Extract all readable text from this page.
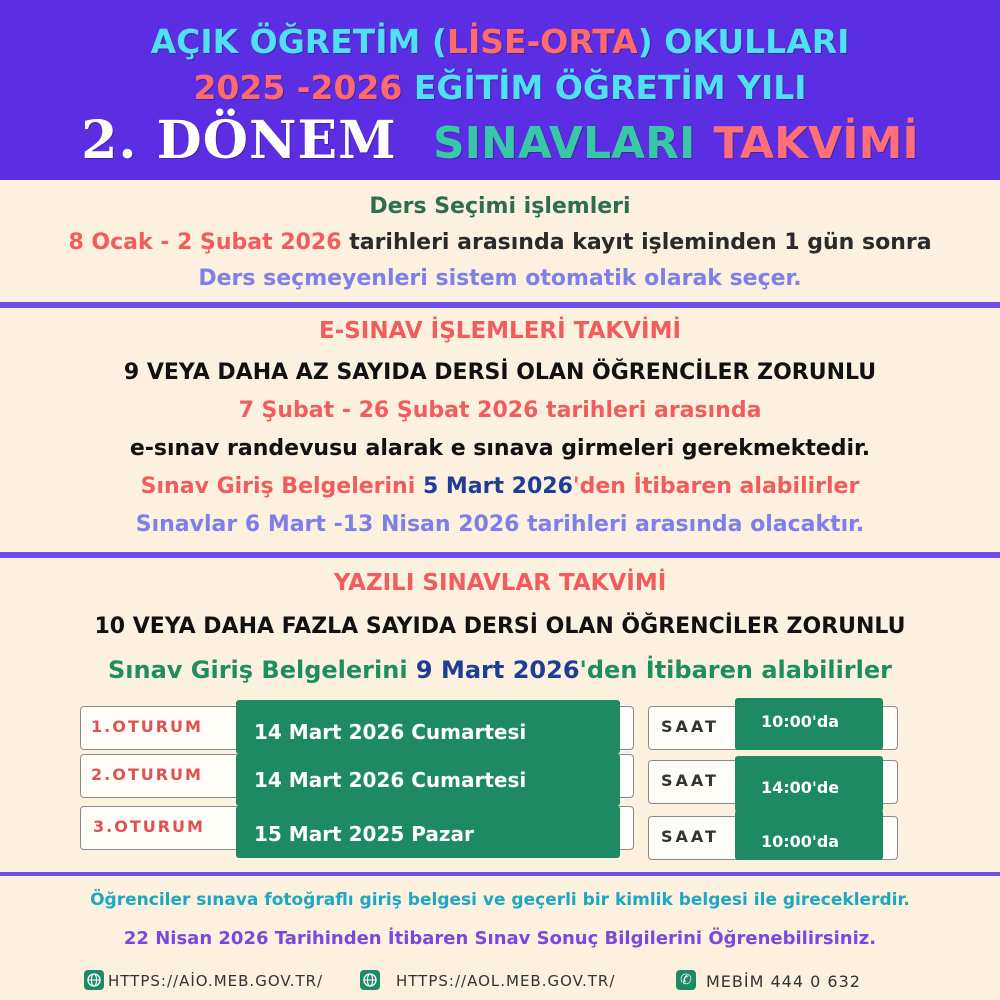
AÇIK ÖĞRETİM (LİSE-ORTA) OKULLARI
2025 -2026 EĞİTİM ÖĞRETİM YILI
2. DÖNEM SINAVLARI TAKVİMİ
Ders Seçimi işlemleri
8 Ocak - 2 Şubat 2026 tarihleri arasında kayıt işleminden 1 gün sonra
Ders seçmeyenleri sistem otomatik olarak seçer.
E-SINAV İŞLEMLERİ TAKVİMİ
9 VEYA DAHA AZ SAYIDA DERSİ OLAN ÖĞRENCİLER ZORUNLU
7 Şubat - 26 Şubat 2026 tarihleri arasında
e-sınav randevusu alarak e sınava girmeleri gerekmektedir.
Sınav Giriş Belgelerini 5 Mart 2026'den İtibaren alabilirler
Sınavlar 6 Mart -13 Nisan 2026 tarihleri arasında olacaktır.
YAZILI SINAVLAR TAKVİMİ
10 VEYA DAHA FAZLA SAYIDA DERSİ OLAN ÖĞRENCİLER ZORUNLU
Sınav Giriş Belgelerini 9 Mart 2026'den İtibaren alabilirler
1.OTURUM	14 Mart 2026 Cumartesi	SAAT	10:00'da
2.OTURUM	14 Mart 2026 Cumartesi	SAAT	14:00'de
3.OTURUM 15 Mart 2025 Pazar	SAAT	10:00'da
Öğrenciler sınava fotoğraflı giriş belgesi ve geçerli bir kimlik belgesi ile gireceklerdir.
22 Nisan 2026 Tarihinden İtibaren Sınav Sonuç Bilgilerini Öğrenebilirsiniz.
HTTPS://AİO.MEB.GOV.TR/	HTTPS://AOL.MEB.GOV.TR/	✆ MEBİM 444 0 632
